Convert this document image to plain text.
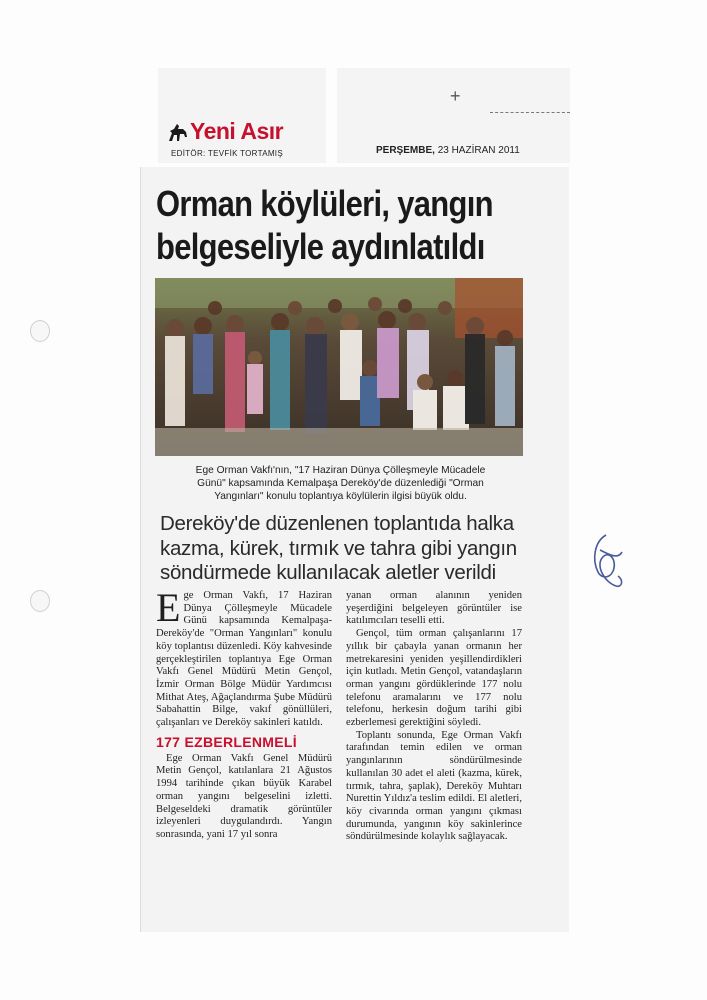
Yeni Asır
EDİTÖR: TEVFİK TORTAMIŞ
+
PERŞEMBE, 23 HAZİRAN 2011
Orman köylüleri, yangın
belgeseliyle aydınlatıldı
Ege Orman Vakfı'nın, "17 Haziran Dünya Çölleşmeyle Mücadele
Günü" kapsamında Kemalpaşa Dereköy'de düzenlediği "Orman
Yangınları" konulu toplantıya köylülerin ilgisi büyük oldu.
Dereköy'de düzenlenen toplantıda halka
kazma, kürek, tırmık ve tahra gibi yangın
söndürmede kullanılacak aletler verildi

Ege Orman Vakfı, 17 Haziran Dünya Çölleşmeyle Mücadele Günü kapsamında Kemalpaşa-Dereköy'de "Orman Yangınları" konulu köy toplantısı düzenledi. Köy kahvesinde gerçekleştirilen toplantıya Ege Orman Vakfı Genel Müdürü Metin Gençol, İzmir Orman Bölge Müdür Yardımcısı Mithat Ateş, Ağaçlandırma Şube Müdürü Sabahattin Bilge, vakıf gönüllüleri, çalışanları ve Dereköy sakinleri katıldı.

177 EZBERLENMELİ

Ege Orman Vakfı Genel Müdürü Metin Gençol, katılanlara 21 Ağustos 1994 tarihinde çıkan büyük Karabel orman yangını belgeselini izletti. Belgeseldeki dramatik görüntüler izleyenleri duygulandırdı. Yangın sonrasında, yani 17 yıl sonra

yanan orman alanının yeniden yeşerdiğini belgeleyen görüntüler ise katılımcıları teselli etti.

Gençol, tüm orman çalışanlarını 17 yıllık bir çabayla yanan ormanın her metrekaresini yeniden yeşillendirdikleri için kutladı. Metin Gençol, vatandaşların orman yangını gördüklerinde 177 nolu telefonu aramalarını ve 177 nolu telefonu, herkesin doğum tarihi gibi ezberlemesi gerektiğini söyledi.

Toplantı sonunda, Ege Orman Vakfı tarafından temin edilen ve orman yangınlarının söndürülmesinde kullanılan 30 adet el aleti (kazma, kürek, tırmık, tahra, şaplak), Dereköy Muhtarı Nurettin Yıldız'a teslim edildi. El aletleri, köy civarında orman yangını çıkması durumunda, yangının köy sakinlerince söndürülmesinde kolaylık sağlayacak.
